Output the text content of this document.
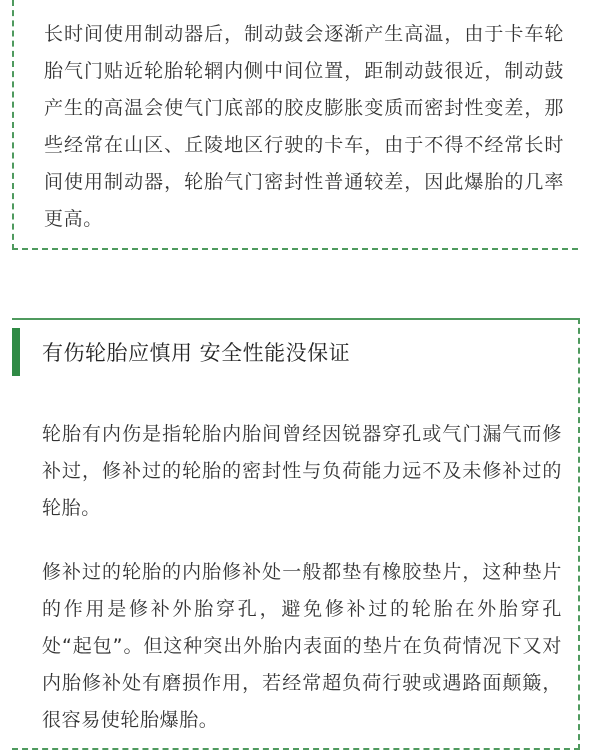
长时间使用制动器后，制动鼓会逐渐产生高温，由于卡车轮胎气门贴近轮胎轮辋内侧中间位置，距制动鼓很近，制动鼓产生的高温会使气门底部的胶皮膨胀变质而密封性变差，那些经常在山区、丘陵地区行驶的卡车，由于不得不经常长时间使用制动器，轮胎气门密封性普通较差，因此爆胎的几率更高。

有伤轮胎应慎用 安全性能没保证

轮胎有内伤是指轮胎内胎间曾经因锐器穿孔或气门漏气而修补过，修补过的轮胎的密封性与负荷能力远不及未修补过的轮胎。

修补过的轮胎的内胎修补处一般都垫有橡胶垫片，这种垫片的作用是修补外胎穿孔，避免修补过的轮胎在外胎穿孔处“起包”。但这种突出外胎内表面的垫片在负荷情况下又对内胎修补处有磨损作用，若经常超负荷行驶或遇路面颠簸，很容易使轮胎爆胎。
